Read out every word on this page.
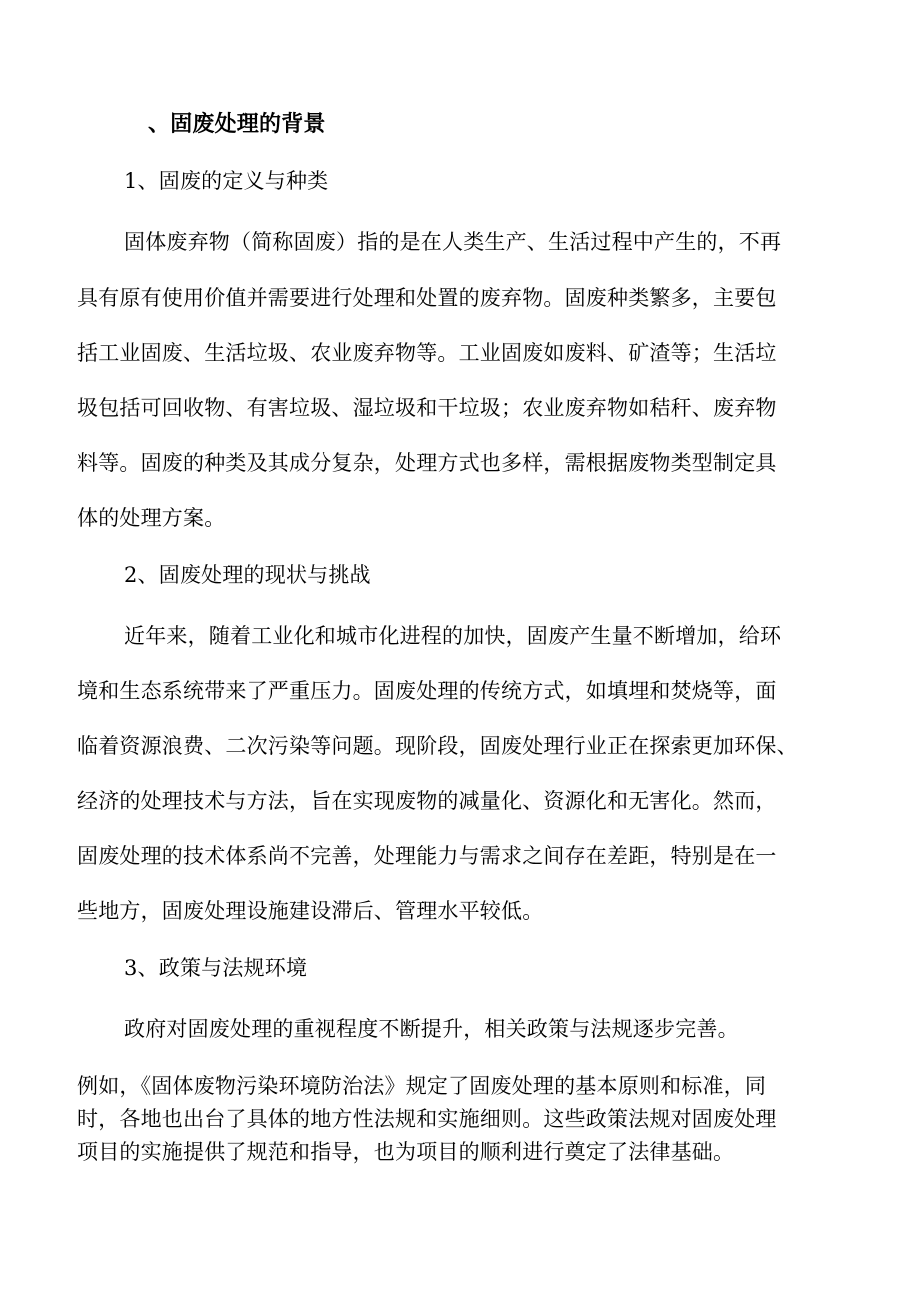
、固废处理的背景
1、固废的定义与种类
固体废弃物（简称固废）指的是在人类生产、生活过程中产生的，不再
具有原有使用价值并需要进行处理和处置的废弃物。固废种类繁多，主要包
括工业固废、生活垃圾、农业废弃物等。工业固废如废料、矿渣等；生活垃
圾包括可回收物、有害垃圾、湿垃圾和干垃圾；农业废弃物如秸秆、废弃物
料等。固废的种类及其成分复杂，处理方式也多样，需根据废物类型制定具
体的处理方案。
2、固废处理的现状与挑战
近年来，随着工业化和城市化进程的加快，固废产生量不断增加，给环
境和生态系统带来了严重压力。固废处理的传统方式，如填埋和焚烧等，面
临着资源浪费、二次污染等问题。现阶段，固废处理行业正在探索更加环保、
经济的处理技术与方法，旨在实现废物的减量化、资源化和无害化。然而，
固废处理的技术体系尚不完善，处理能力与需求之间存在差距，特别是在一
些地方，固废处理设施建设滞后、管理水平较低。
3、政策与法规环境
政府对固废处理的重视程度不断提升，相关政策与法规逐步完善。
例如，《固体废物污染环境防治法》规定了固废处理的基本原则和标准，同
时，各地也出台了具体的地方性法规和实施细则。这些政策法规对固废处理
项目的实施提供了规范和指导，也为项目的顺利进行奠定了法律基础。
